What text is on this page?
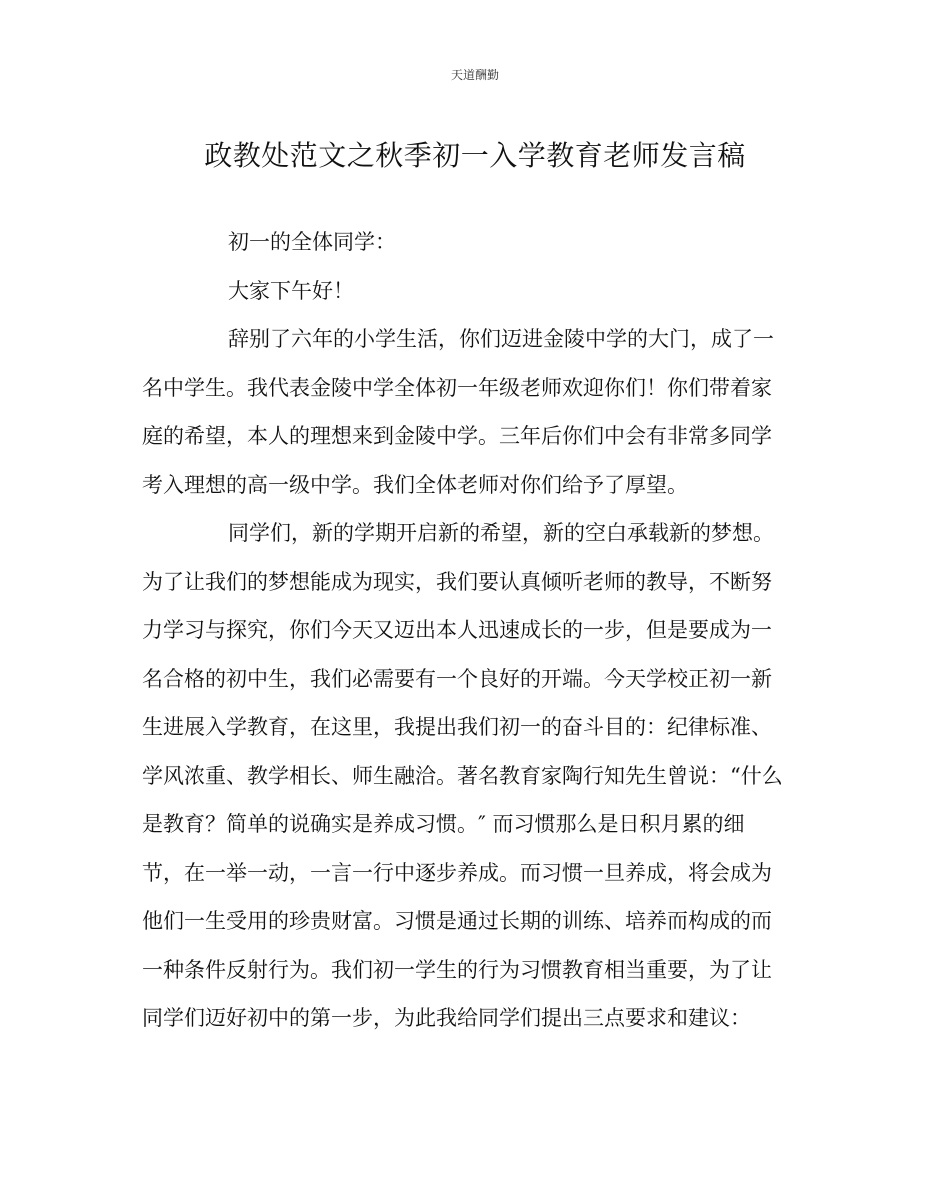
天道酬勤
政教处范文之秋季初一入学教育老师发言稿
初一的全体同学：
大家下午好！
辞别了六年的小学生活，你们迈进金陵中学的大门，成了一
名中学生。我代表金陵中学全体初一年级老师欢迎你们！你们带着家
庭的希望，本人的理想来到金陵中学。三年后你们中会有非常多同学
考入理想的高一级中学。我们全体老师对你们给予了厚望。
同学们，新的学期开启新的希望，新的空白承载新的梦想。
为了让我们的梦想能成为现实，我们要认真倾听老师的教导，不断努
力学习与探究，你们今天又迈出本人迅速成长的一步，但是要成为一
名合格的初中生，我们必需要有一个良好的开端。今天学校正初一新
生进展入学教育，在这里，我提出我们初一的奋斗目的：纪律标准、
学风浓重、教学相长、师生融洽。著名教育家陶行知先生曾说：“什么
是教育？简单的说确实是养成习惯。″ 而习惯那么是日积月累的细
节，在一举一动，一言一行中逐步养成。而习惯一旦养成，将会成为
他们一生受用的珍贵财富。习惯是通过长期的训练、培养而构成的而
一种条件反射行为。我们初一学生的行为习惯教育相当重要，为了让
同学们迈好初中的第一步，为此我给同学们提出三点要求和建议：
